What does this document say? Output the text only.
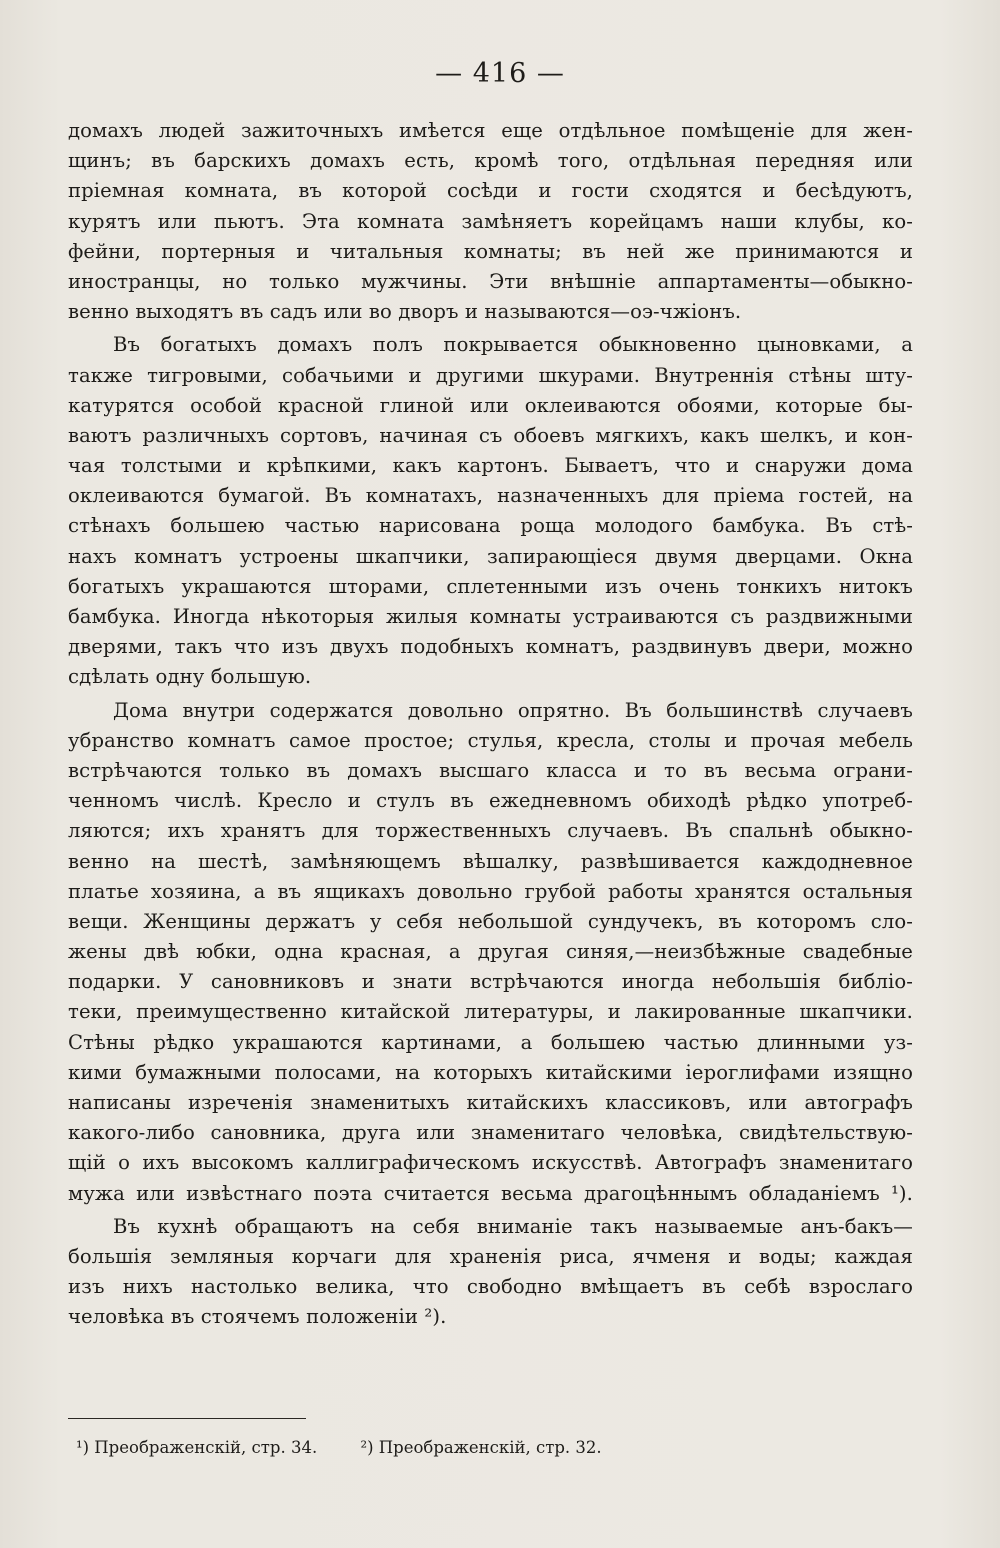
— 416 —
домахъ людей зажиточныхъ имѣется еще отдѣльное помѣщеніе для жен-
щинъ; въ барскихъ домахъ есть, кромѣ того, отдѣльная передняя или
пріемная комната, въ которой сосѣди и гости сходятся и бесѣдуютъ,
курятъ или пьютъ. Эта комната замѣняетъ корейцамъ наши клубы, ко-
фейни, портерныя и читальныя комнаты; въ ней же принимаются и
иностранцы, но только мужчины. Эти внѣшніе аппартаменты—обыкно-
венно выходятъ въ садъ или во дворъ и называются—оэ-чжіонъ.
Въ богатыхъ домахъ полъ покрывается обыкновенно цыновками, а
также тигровыми, собачьими и другими шкурами. Внутреннія стѣны шту-
катурятся особой красной глиной или оклеиваются обоями, которые бы-
ваютъ различныхъ сортовъ, начиная съ обоевъ мягкихъ, какъ шелкъ, и кон-
чая толстыми и крѣпкими, какъ картонъ. Бываетъ, что и снаружи дома
оклеиваются бумагой. Въ комнатахъ, назначенныхъ для пріема гостей, на
стѣнахъ большею частью нарисована роща молодого бамбука. Въ стѣ-
нахъ комнатъ устроены шкапчики, запирающіеся двумя дверцами. Окна
богатыхъ украшаются шторами, сплетенными изъ очень тонкихъ нитокъ
бамбука. Иногда нѣкоторыя жилыя комнаты устраиваются съ раздвижными
дверями, такъ что изъ двухъ подобныхъ комнатъ, раздвинувъ двери, можно
сдѣлать одну большую.
Дома внутри содержатся довольно опрятно. Въ большинствѣ случаевъ
убранство комнатъ самое простое; стулья, кресла, столы и прочая мебель
встрѣчаются только въ домахъ высшаго класса и то въ весьма ограни-
ченномъ числѣ. Кресло и стулъ въ ежедневномъ обиходѣ рѣдко употреб-
ляются; ихъ хранятъ для торжественныхъ случаевъ. Въ спальнѣ обыкно-
венно на шестѣ, замѣняющемъ вѣшалку, развѣшивается каждодневное
платье хозяина, а въ ящикахъ довольно грубой работы хранятся остальныя
вещи. Женщины держатъ у себя небольшой сундучекъ, въ которомъ сло-
жены двѣ юбки, одна красная, а другая синяя,—неизбѣжные свадебные
подарки. У сановниковъ и знати встрѣчаются иногда небольшія библіо-
теки, преимущественно китайской литературы, и лакированные шкапчики.
Стѣны рѣдко украшаются картинами, а большею частью длинными уз-
кими бумажными полосами, на которыхъ китайскими іероглифами изящно
написаны изреченія знаменитыхъ китайскихъ классиковъ, или автографъ
какого-либо сановника, друга или знаменитаго человѣка, свидѣтельствую-
щій о ихъ высокомъ каллиграфическомъ искусствѣ. Автографъ знаменитаго
мужа или извѣстнаго поэта считается весьма драгоцѣннымъ обладаніемъ ¹).
Въ кухнѣ обращаютъ на себя вниманіе такъ называемые анъ-бакъ—
большія земляныя корчаги для храненія риса, ячменя и воды; каждая
изъ нихъ настолько велика, что свободно вмѣщаетъ въ себѣ взрослаго
человѣка въ стоячемъ положеніи ²).
¹) Преображенскій, стр. 34.	²) Преображенскій, стр. 32.
